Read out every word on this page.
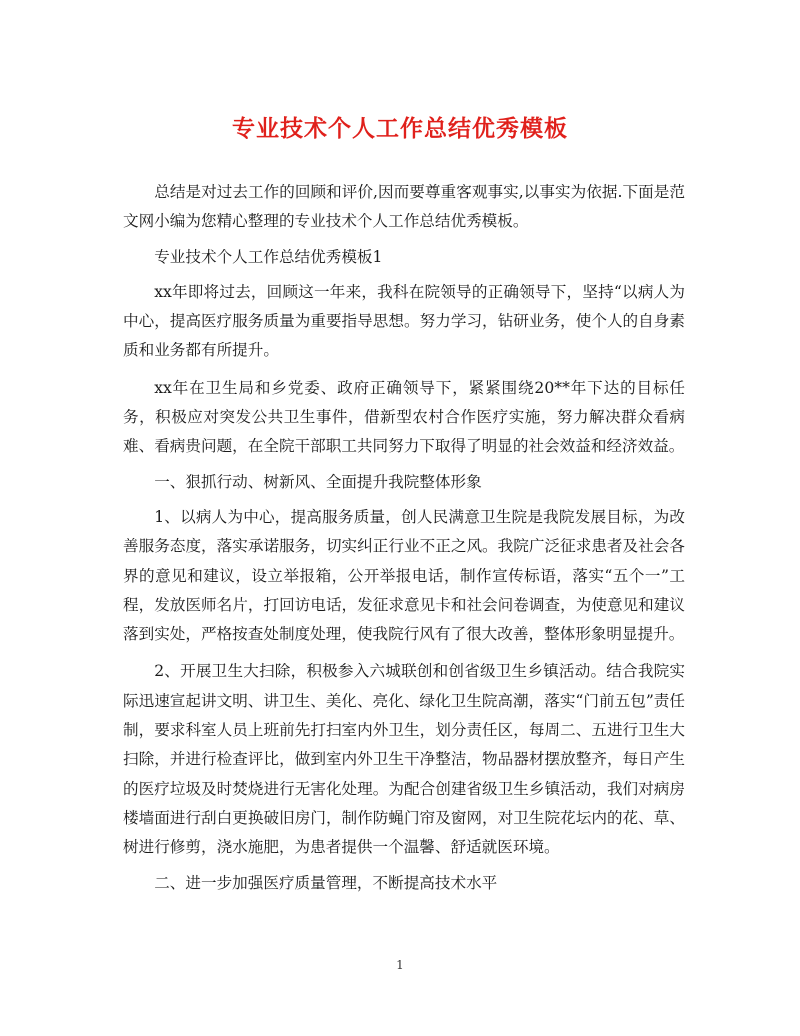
专业技术个人工作总结优秀模板

总结是对过去工作的回顾和评价,因而要尊重客观事实,以事实为依据.下面是范文网小编为您精心整理的专业技术个人工作总结优秀模板。

专业技术个人工作总结优秀模板1

xx年即将过去，回顾这一年来，我科在院领导的正确领导下，坚持“以病人为中心，提高医疗服务质量为重要指导思想。努力学习，钻研业务，使个人的自身素质和业务都有所提升。

xx年在卫生局和乡党委、政府正确领导下，紧紧围绕20**年下达的目标任务，积极应对突发公共卫生事件，借新型农村合作医疗实施，努力解决群众看病难、看病贵问题，在全院干部职工共同努力下取得了明显的社会效益和经济效益。

一、狠抓行动、树新风、全面提升我院整体形象

1、以病人为中心，提高服务质量，创人民满意卫生院是我院发展目标，为改善服务态度，落实承诺服务，切实纠正行业不正之风。我院广泛征求患者及社会各界的意见和建议，设立举报箱，公开举报电话，制作宣传标语，落实“五个一”工程，发放医师名片，打回访电话，发征求意见卡和社会问卷调查，为使意见和建议落到实处，严格按查处制度处理，使我院行风有了很大改善，整体形象明显提升。

2、开展卫生大扫除，积极参入六城联创和创省级卫生乡镇活动。结合我院实际迅速宣起讲文明、讲卫生、美化、亮化、绿化卫生院高潮，落实“门前五包”责任制，要求科室人员上班前先打扫室内外卫生，划分责任区，每周二、五进行卫生大扫除，并进行检查评比，做到室内外卫生干净整洁，物品器材摆放整齐，每日产生的医疗垃圾及时焚烧进行无害化处理。为配合创建省级卫生乡镇活动，我们对病房楼墙面进行刮白更换破旧房门，制作防蝇门帘及窗网，对卫生院花坛内的花、草、树进行修剪，浇水施肥，为患者提供一个温馨、舒适就医环境。

二、进一步加强医疗质量管理，不断提高技术水平

1
